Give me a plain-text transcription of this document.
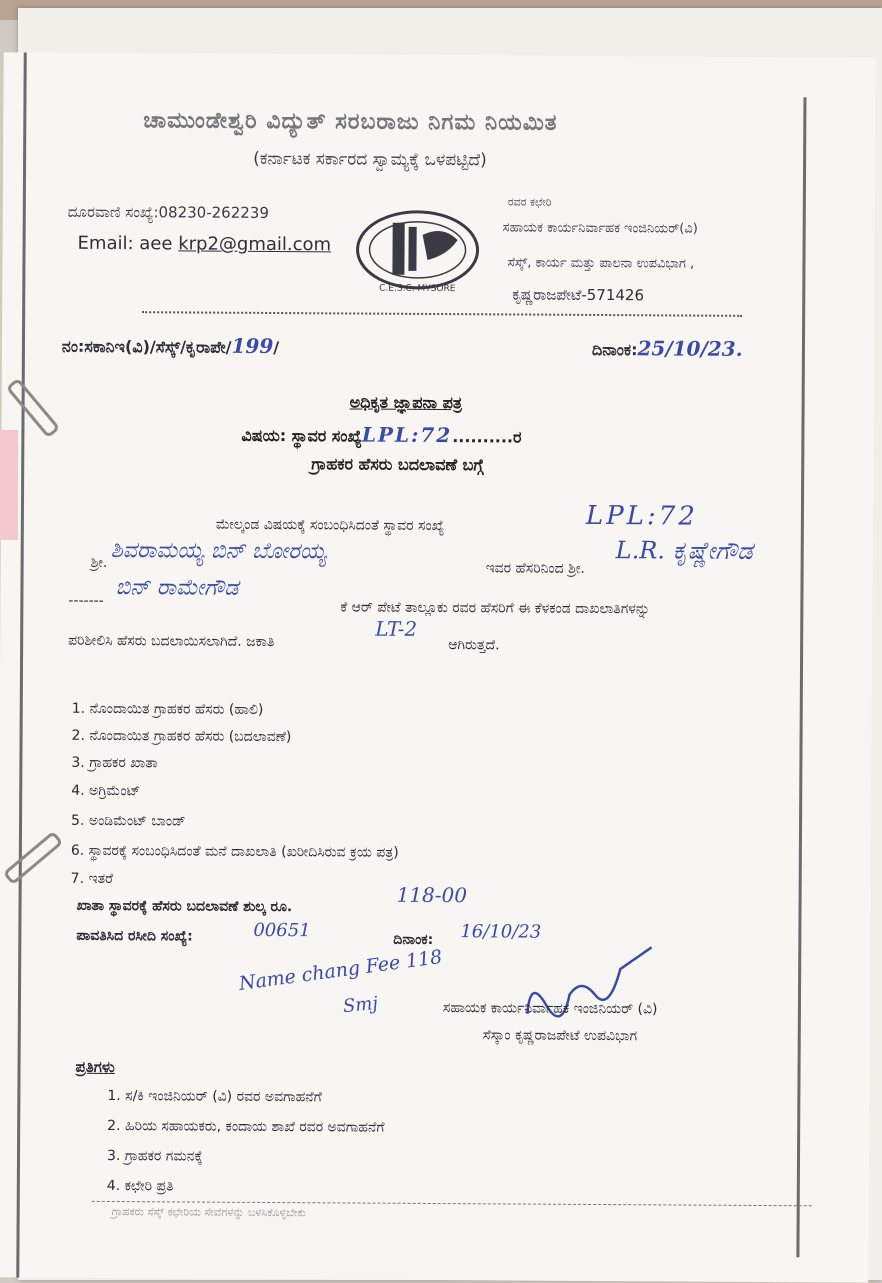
ಚಾಮುಂಡೇಶ್ವರಿ ವಿದ್ಯುತ್ ಸರಬರಾಜು ನಿಗಮ ನಿಯಮಿತ
(ಕರ್ನಾಟಕ ಸರ್ಕಾರದ ಸ್ವಾಮ್ಯಕ್ಕೆ ಒಳಪಟ್ಟಿದೆ)
ದೂರವಾಣಿ ಸಂಖ್ಯೆ:08230-262239
Email: aee krp2@gmail.com
C.E.S.C. MYSORE
ರವರ ಕಛೇರಿ
ಸಹಾಯಕ ಕಾರ್ಯನಿರ್ವಾಹಕ ಇಂಜಿನಿಯರ್(ವಿ)
ಸೆಸ್ಕ್, ಕಾರ್ಯ ಮತ್ತು ಪಾಲನಾ ಉಪವಿಭಾಗ ,
ಕೃಷ್ಣರಾಜಪೇಟೆ-571426
ನಂ:ಸಕಾನಿಇ(ವಿ)/ಸೆಸ್ಕ್/ಕೃರಾಪೇ/199/	ದಿನಾಂಕ:25/10/23.
ಅಧಿಕೃತ ಜ್ಞಾಪನಾ ಪತ್ರ
ವಿಷಯ: ಸ್ಥಾವರ ಸಂಖ್ಯೆLPL:72..........ರ
ಗ್ರಾಹಕರ ಹೆಸರು ಬದಲಾವಣೆ ಬಗ್ಗೆ
ಮೇಲ್ಕಂಡ ವಿಷಯಕ್ಕೆ ಸಂಬಂಧಿಸಿದಂತೆ ಸ್ಥಾವರ ಸಂಖ್ಯೆ	LPL:72
ಶ್ರೀ. ಶಿವರಾಮಯ್ಯ ಬಿನ್ ಬೋರಯ್ಯ
ಇವರ ಹೆಸರಿನಿಂದ ಶ್ರೀ.
L.R. ಕೃಷ್ಣೇಗೌಡ
-------
ಬಿನ್ ರಾಮೇಗೌಡ
ಕೆ ಆರ್ ಪೇಟೆ ತಾಲ್ಲೂಕು ರವರ ಹೆಸರಿಗೆ ಈ ಕೆಳಕಂಡ ದಾಖಲಾತಿಗಳನ್ನು
ಪರಿಶೀಲಿಸಿ ಹೆಸರು ಬದಲಾಯಿಸಲಾಗಿದೆ. ಜಕಾತಿ
LT-2
ಆಗಿರುತ್ತದೆ.
1. ನೊಂದಾಯಿತ ಗ್ರಾಹಕರ ಹೆಸರು (ಹಾಲಿ)
2. ನೊಂದಾಯಿತ ಗ್ರಾಹಕರ ಹೆಸರು (ಬದಲಾವಣೆ)
3. ಗ್ರಾಹಕರ ಖಾತಾ
4. ಅಗ್ರಿಮೆಂಟ್
5. ಅಂಡಿಮೆಂಟ್ ಬಾಂಡ್
6. ಸ್ಥಾವರಕ್ಕೆ ಸಂಬಂಧಿಸಿದಂತೆ ಮನೆ ದಾಖಲಾತಿ (ಖರೀದಿಸಿರುವ ಕ್ರಯ ಪತ್ರ)
7. ಇತರೆ
ಖಾತಾ ಸ್ಥಾವರಕ್ಕೆ ಹೆಸರು ಬದಲಾವಣೆ ಶುಲ್ಕ ರೂ.	118-00
ಪಾವತಿಸಿದ ರಸೀದಿ ಸಂಖ್ಯೆ:	00651	ದಿನಾಂಕ: 16/10/23
Name chang Fee 118
Smj	ಸಹಾಯಕ ಕಾರ್ಯನಿರ್ವಾಹಕ ಇಂಜಿನಿಯರ್ (ವಿ)
ಸೆಸ್ಕಾಂ ಕೃಷ್ಣರಾಜಪೇಟೆ ಉಪವಿಭಾಗ
ಪ್ರತಿಗಳು
1. ಸ/ಕಿ ಇಂಜಿನಿಯರ್ (ವಿ) ರವರ ಅವಗಾಹನೆಗೆ
2. ಹಿರಿಯ ಸಹಾಯಕರು, ಕಂದಾಯ ಶಾಖೆ ರವರ ಅವಗಾಹನೆಗೆ
3. ಗ್ರಾಹಕರ ಗಮನಕ್ಕೆ
4. ಕಛೇರಿ ಪ್ರತಿ
ಗ್ರಾಹಕರು ಸೆಸ್ಕ್ ಕಛೇರಿಯ ಸೇವೆಗಳನ್ನು ಬಳಸಿಕೊಳ್ಳಬೇಕು
